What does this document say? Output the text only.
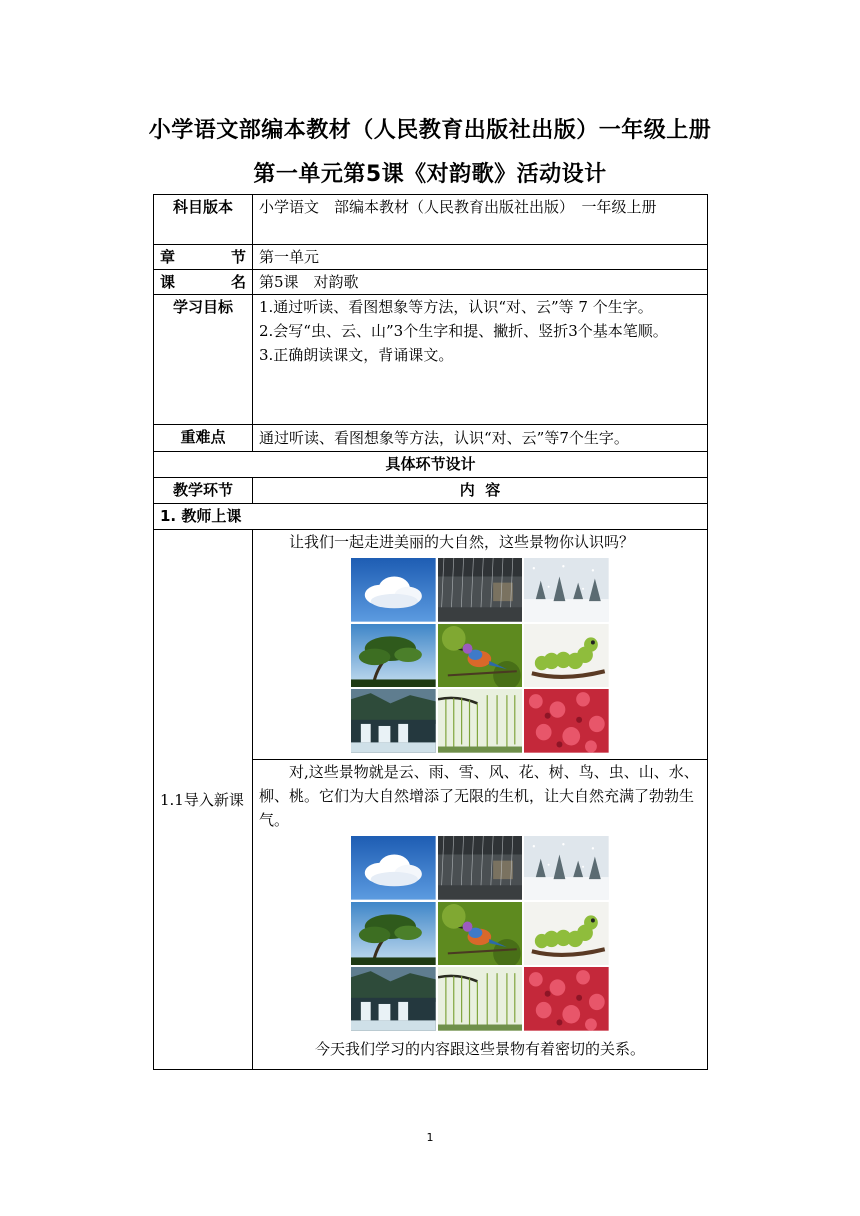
小学语文部编本教材（人民教育出版社出版）一年级上册
第一单元第5课《对韵歌》活动设计
科目版本	小学语文　部编本教材（人民教育出版社出版）　一年级上册
章节	第一单元
课名	第5课　对韵歌
学习目标	1.通过听读、看图想象等方法，认识“对、云”等 7 个生字。

2.会写“虫、云、山”3个生字和提、撇折、竖折3个基本笔顺。

3.正确朗读课文，背诵课文。

重难点	通过听读、看图想象等方法，认识“对、云”等7个生字。
具体环节设计	
教学环节	内  容
1. 教师上课	
1.1导入新课	让我们一起走进美丽的大自然，这些景物你认识吗？

	对,这些景物就是云、雨、雪、风、花、树、鸟、虫、山、水、柳、桃。它们为大自然增添了无限的生机，让大自然充满了勃勃生气。

今天我们学习的内容跟这些景物有着密切的关系。

1
